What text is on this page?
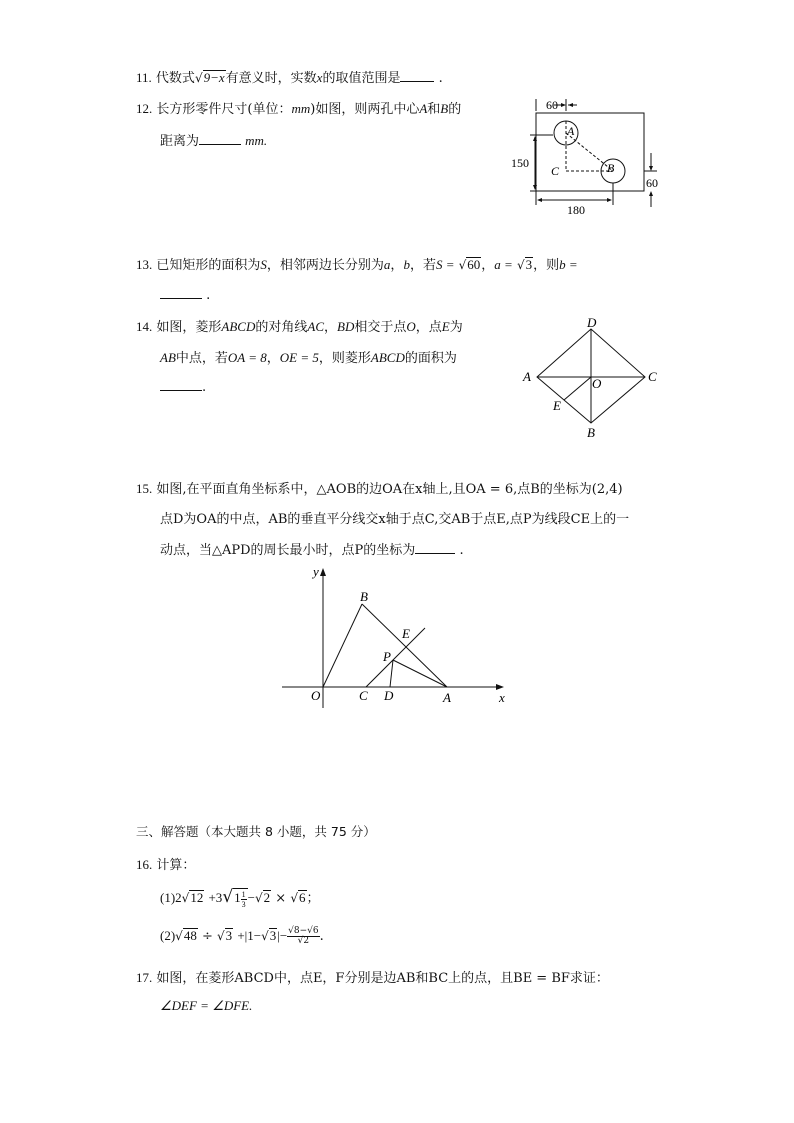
11. 代数式√9−x有意义时，实数x的取值范围是	.
12. 长方形零件尺寸(单位：mm)如图，则两孔中心A和B的
距离为	mm.
60
A
B
C
150
180
60
13. 已知矩形的面积为S，相邻两边长分别为a，b，若S = √60，a = √3，则b =
.
14. 如图，菱形ABCD的对角线AC，BD相交于点O，点E为
AB中点，若OA = 8，OE = 5，则菱形ABCD的面积为
.
D
A	C
B
O
E
15. 如图,在平面直角坐标系中，△AOB的边OA在x轴上,且OA = 6,点B的坐标为(2,4)
点D为OA的中点，AB的垂直平分线交x轴于点C,交AB于点E,点P为线段CE上的一
动点，当△APD的周长最小时，点P的坐标为	.
y
x
O
B
E
P
C D	A
三、解答题（本大题共 8 小题，共 75 分）
16. 计算：
$(1)2√12 +3√1 \frac{1}{3} -√2 \times √6$；
$(2)√48 \div √3 +|1-√3|- \frac{√8-√6}{√2}$ .
17. 如图，在菱形ABCD中，点E，F分别是边AB和BC上的点，且BE = BF求证：
∠DEF = ∠DFE.
